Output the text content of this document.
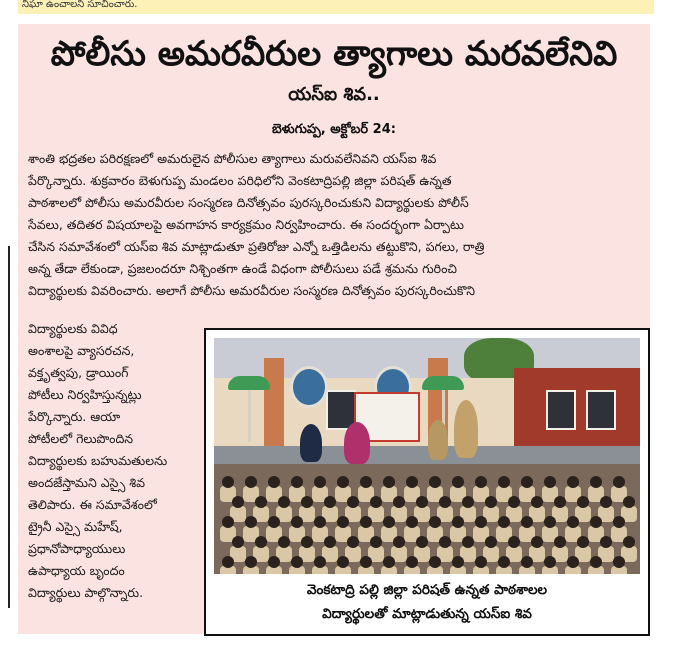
నిఘా ఉంచాలని సూచించారు.
పోలీసు అమరవీరుల త్యాగాలు మరవలేనివి
యస్ఐ శివ..
బెళుగుప్ప, అక్టోబర్ 24:
శాంతి భద్రతల పరిరక్షణలో అమరులైన పోలీసుల త్యాగాలు మరువలేనివని యస్ఐ శివ
పేర్కొన్నారు. శుక్రవారం బెళుగుప్ప మండలం పరిధిలోని వెంకటాద్రిపల్లి జిల్లా పరిషత్ ఉన్నత
పాఠశాలలో పోలీసు అమరవీరుల సంస్మరణ దినోత్సవం పురస్కరించుకుని విద్యార్థులకు పోలీస్
సేవలు, తదితర విషయాలపై అవగాహన కార్యక్రమం నిర్వహించారు. ఈ సందర్భంగా ఏర్పాటు
చేసిన సమావేశంలో యస్ఐ శివ మాట్లాడుతూ ప్రతిరోజు ఎన్నో ఒత్తిడిలను తట్టుకొని, పగలు, రాత్రి
అన్న తేడా లేకుండా, ప్రజలందరూ నిశ్చింతగా ఉండే విధంగా పోలీసులు పడే శ్రమను గురించి
విద్యార్థులకు వివరించారు. అలాగే పోలీసు అమరవీరుల సంస్మరణ దినోత్సవం పురస్కరించుకొని
విద్యార్థులకు వివిధ
అంశాలపై వ్యాసరచన,
వక్తృత్వపు, డ్రాయింగ్
పోటీలు నిర్వహిస్తున్నట్లు
పేర్కొన్నారు. ఆయా
పోటీలలో గెలుపొందిన
విద్యార్థులకు బహుమతులను
అందజేస్తామని ఎస్సై శివ
తెలిపారు. ఈ సమావేశంలో
ట్రైనీ ఎస్సై మహేష్,
ప్రధానోపాధ్యాయులు
ఉపాధ్యాయ బృందం
విద్యార్థులు పాల్గొన్నారు.	వెంకటాద్రి పల్లి జిల్లా పరిషత్ ఉన్నత పాఠశాలల
విద్యార్థులతో మాట్లాడుతున్న యస్ఐ శివ
